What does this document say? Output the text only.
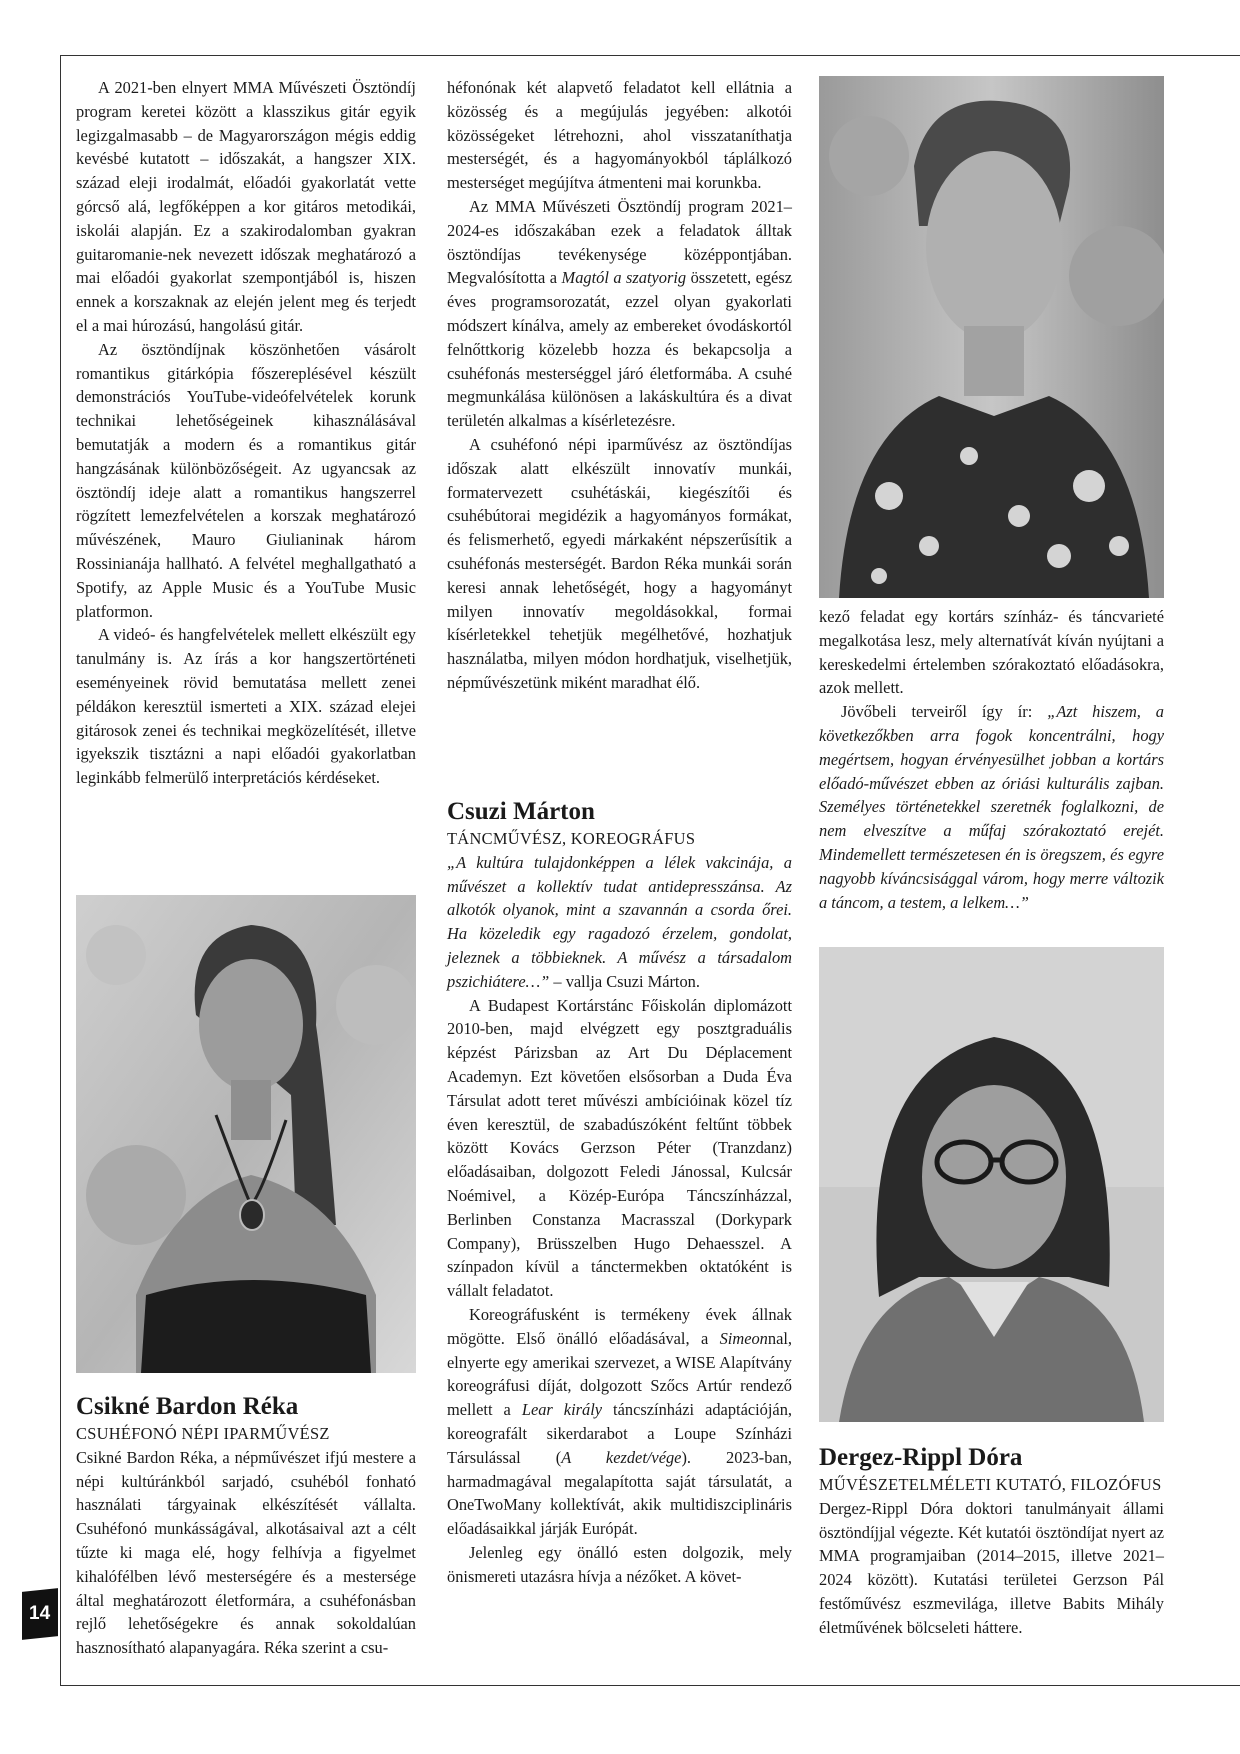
A 2021-ben elnyert MMA Művészeti Ösztöndíj program keretei között a klasszikus gitár egyik legizgalmasabb – de Magyarországon mégis eddig kevésbé kutatott – időszakát, a hangszer XIX. század eleji irodalmát, előadói gyakorlatát vette górcső alá, legfőképpen a kor gitáros metodikái, iskolái alapján. Ez a szakirodalomban gyakran guitaromanie-nek nevezett időszak meghatározó a mai előadói gyakorlat szempontjából is, hiszen ennek a korszaknak az elején jelent meg és terjedt el a mai húrozású, hangolású gitár.

Az ösztöndíjnak köszönhetően vásárolt romantikus gitárkópia főszereplésével készült demonstrációs YouTube-videófelvételek korunk technikai lehetőségeinek kihasználásával bemutatják a modern és a romantikus gitár hangzásának különbözőségeit. Az ugyancsak az ösztöndíj ideje alatt a romantikus hangszerrel rögzített lemezfelvételen a korszak meghatározó művészének, Mauro Giulianinak három Rossinianája hallható. A felvétel meghallgatható a Spotify, az Apple Music és a YouTube Music platformon.

A videó- és hangfelvételek mellett elkészült egy tanulmány is. Az írás a kor hangszertörténeti eseményeinek rövid bemutatása mellett zenei példákon keresztül ismerteti a XIX. század elejei gitárosok zenei és technikai megközelítését, illetve igyekszik tisztázni a napi előadói gyakorlatban leginkább felmerülő interpretációs kérdéseket.

Csikné Bardon Réka

CSUHÉFONÓ NÉPI IPARMŰVÉSZ

Csikné Bardon Réka, a népművészet ifjú mestere a népi kultúránkból sarjadó, csuhéból fonható használati tárgyainak elkészítését vállalta. Csuhéfonó munkásságával, alkotásaival azt a célt tűzte ki maga elé, hogy felhívja a figyelmet kihalófélben lévő mesterségére és a mestersége által meghatározott életformára, a csuhéfonásban rejlő lehetőségekre és annak sokoldalúan hasznosítható alapanyagára. Réka szerint a csu-

héfonónak két alapvető feladatot kell ellátnia a közösség és a megújulás jegyében: alkotói közösségeket létrehozni, ahol visszataníthatja mesterségét, és a hagyományokból táplálkozó mesterséget megújítva átmenteni mai korunkba.

Az MMA Művészeti Ösztöndíj program 2021–2024-es időszakában ezek a feladatok álltak ösztöndíjas tevékenysége középpontjában. Megvalósította a Magtól a szatyorig összetett, egész éves programsorozatát, ezzel olyan gyakorlati módszert kínálva, amely az embereket óvodáskortól felnőttkorig közelebb hozza és bekapcsolja a csuhéfonás mesterséggel járó életformába. A csuhé megmunkálása különösen a lakáskultúra és a divat területén alkalmas a kísérletezésre.

A csuhéfonó népi iparművész az ösztöndíjas időszak alatt elkészült innovatív munkái, formatervezett csuhétáskái, kiegészítői és csuhébútorai megidézik a hagyományos formákat, és felismerhető, egyedi márkaként népszerűsítik a csuhéfonás mesterségét. Bardon Réka munkái során keresi annak lehetőségét, hogy a hagyományt milyen innovatív megoldásokkal, formai kísérletekkel tehetjük megélhetővé, hozhatjuk használatba, milyen módon hordhatjuk, viselhetjük, népművészetünk miként maradhat élő.

Csuzi Márton

TÁNCMŰVÉSZ, KOREOGRÁFUS

„A kultúra tulajdonképpen a lélek vakcinája, a művészet a kollektív tudat antidepresszánsa. Az alkotók olyanok, mint a szavannán a csorda őrei. Ha közeledik egy ragadozó érzelem, gondolat, jeleznek a többieknek. A művész a társadalom pszichiátere…” – vallja Csuzi Márton.

A Budapest Kortárstánc Főiskolán diplomázott 2010-ben, majd elvégzett egy posztgraduális képzést Párizsban az Art Du Déplacement Academyn. Ezt követően elsősorban a Duda Éva Társulat adott teret művészi ambícióinak közel tíz éven keresztül, de szabadúszóként feltűnt többek között Kovács Gerzson Péter (Tranzdanz) előadásaiban, dolgozott Feledi Jánossal, Kulcsár Noémivel, a Közép-Európa Táncszínházzal, Berlinben Constanza Macrasszal (Dorkypark Company), Brüsszelben Hugo Dehaesszel. A színpadon kívül a tánctermekben oktatóként is vállalt feladatot.

Koreográfusként is termékeny évek állnak mögötte. Első önálló előadásával, a Simeonnal, elnyerte egy amerikai szervezet, a WISE Alapítvány koreográfusi díját, dolgozott Szőcs Artúr rendező mellett a Lear király táncszínházi adaptációján, koreografált sikerdarabot a Loupe Színházi Társulással (A kezdet/vége). 2023-ban, harmadmagával megalapította saját társulatát, a OneTwoMany kollektívát, akik multidiszciplináris előadásaikkal járják Európát.

Jelenleg egy önálló esten dolgozik, mely önismereti utazásra hívja a nézőket. A követ-

kező feladat egy kortárs színház- és táncvarieté megalkotása lesz, mely alternatívát kíván nyújtani a kereskedelmi értelemben szórakoztató előadásokra, azok mellett.

Jövőbeli terveiről így ír: „Azt hiszem, a következőkben arra fogok koncentrálni, hogy megértsem, hogyan érvényesülhet jobban a kortárs előadó-művészet ebben az óriási kulturális zajban. Személyes történetekkel szeretnék foglalkozni, de nem elveszítve a műfaj szórakoztató erejét. Mindemellett természetesen én is öregszem, és egyre nagyobb kíváncsisággal várom, hogy merre változik a táncom, a testem, a lelkem…”

Dergez-Rippl Dóra

MŰVÉSZETELMÉLETI KUTATÓ, FILOZÓFUS

Dergez-Rippl Dóra doktori tanulmányait állami ösztöndíjjal végezte. Két kutatói ösztöndíjat nyert az MMA programjaiban (2014–2015, illetve 2021–2024 között). Kutatási területei Gerzson Pál festőművész eszmevilága, illetve Babits Mihály életművének bölcseleti háttere.

14
